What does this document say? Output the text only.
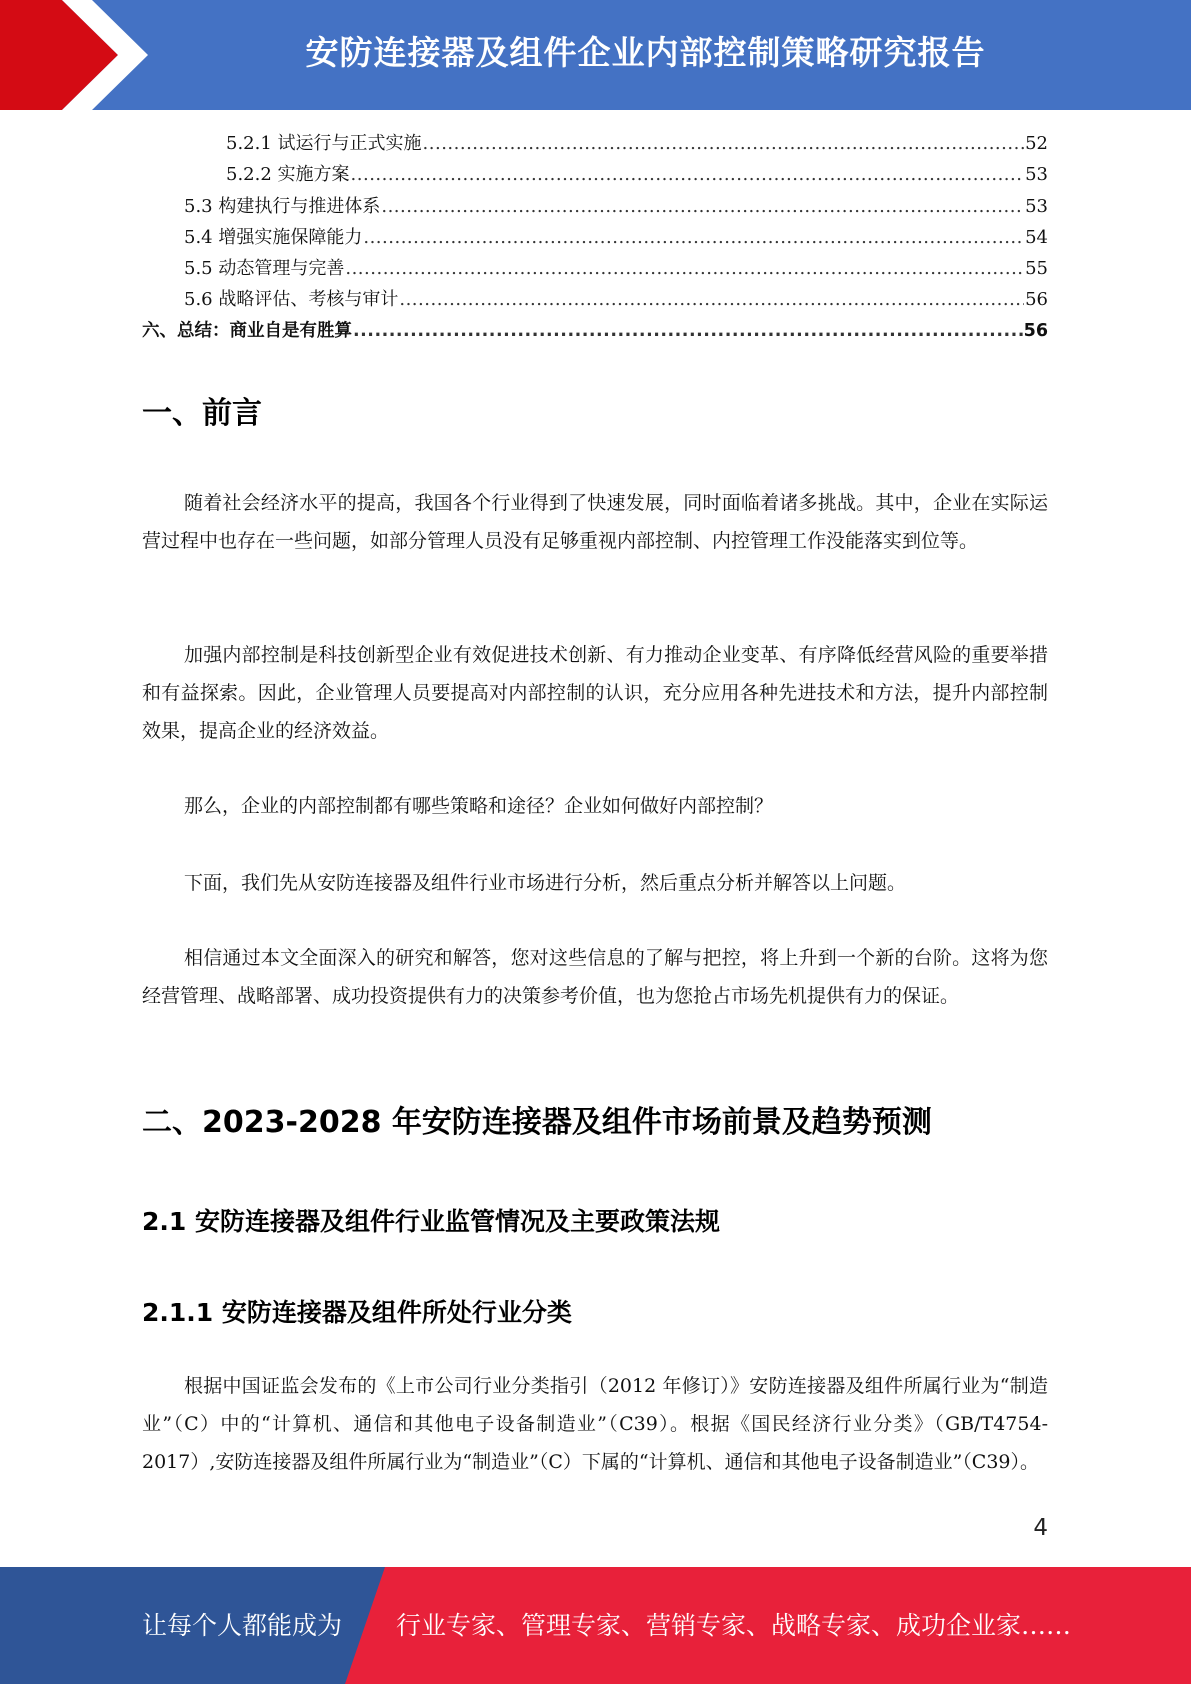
安防连接器及组件企业内部控制策略研究报告
5.2.1 试运行与正式实施 .....	52
5.2.2 实施方案 .....	53
5.3 构建执行与推进体系 .....	53
5.4 增强实施保障能力 .....	54
5.5 动态管理与完善 .....	55
5.6 战略评估、考核与审计 .....	56
六、总结：商业自是有胜算 .....	56
一、前言

随着社会经济水平的提高，我国各个行业得到了快速发展，同时面临着诸多挑战。其中，企业在实际运营过程中也存在一些问题，如部分管理人员没有足够重视内部控制、内控管理工作没能落实到位等。

加强内部控制是科技创新型企业有效促进技术创新、有力推动企业变革、有序降低经营风险的重要举措和有益探索。因此，企业管理人员要提高对内部控制的认识，充分应用各种先进技术和方法，提升内部控制效果，提高企业的经济效益。

那么，企业的内部控制都有哪些策略和途径？企业如何做好内部控制？

下面，我们先从安防连接器及组件行业市场进行分析，然后重点分析并解答以上问题。

相信通过本文全面深入的研究和解答，您对这些信息的了解与把控，将上升到一个新的台阶。这将为您经营管理、战略部署、成功投资提供有力的决策参考价值，也为您抢占市场先机提供有力的保证。

二、2023-2028 年安防连接器及组件市场前景及趋势预测
2.1 安防连接器及组件行业监管情况及主要政策法规
2.1.1 安防连接器及组件所处行业分类

根据中国证监会发布的《上市公司行业分类指引（2012 年修订）》安防连接器及组件所属行业为“制造业”（C）中的“计算机、通信和其他电子设备制造业”（C39）。根据《国民经济行业分类》（GB/T4754-2017）,安防连接器及组件所属行业为“制造业”（C）下属的“计算机、通信和其他电子设备制造业”（C39）。

4
让每个人都能成为 行业专家、管理专家、营销专家、战略专家、成功企业家……
